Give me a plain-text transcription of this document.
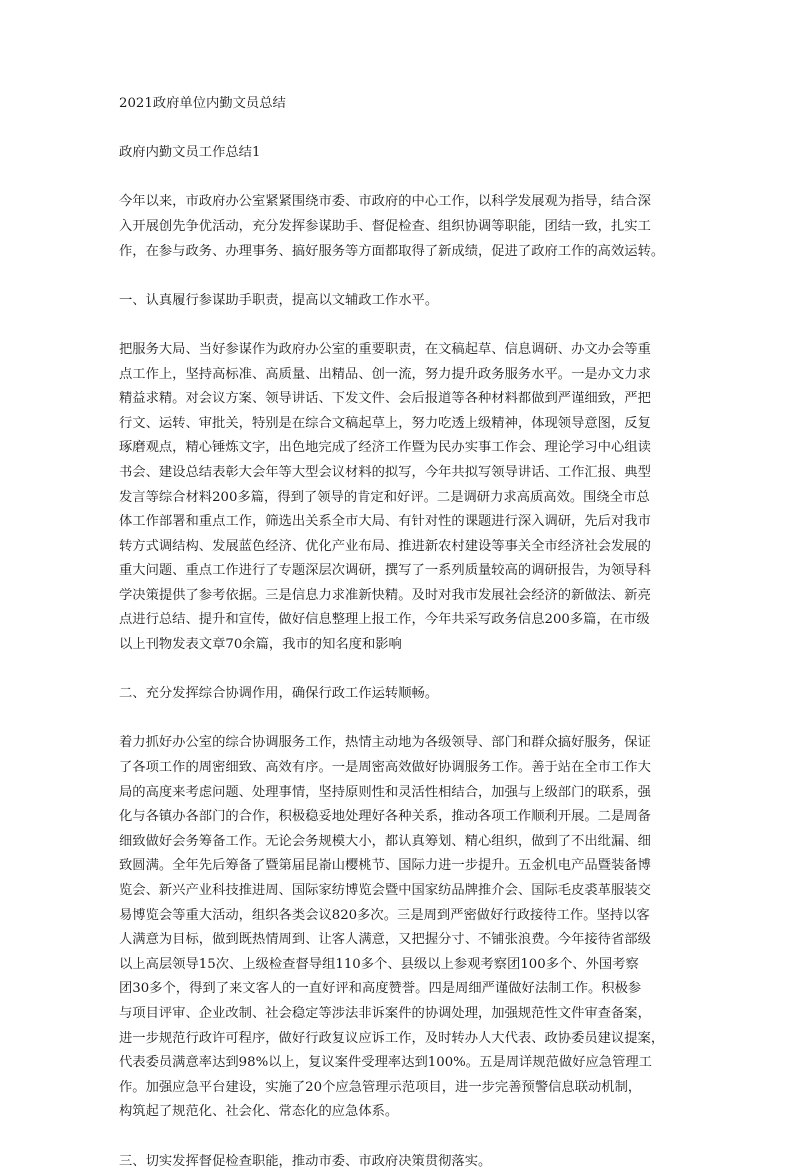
2021政府单位内勤文员总结
政府内勤文员工作总结1
今年以来，市政府办公室紧紧围绕市委、市政府的中心工作，以科学发展观为指导，结合深
入开展创先争优活动，充分发挥参谋助手、督促检查、组织协调等职能，团结一致，扎实工
作，在参与政务、办理事务、搞好服务等方面都取得了新成绩，促进了政府工作的高效运转。
一、认真履行参谋助手职责，提高以文辅政工作水平。
把服务大局、当好参谋作为政府办公室的重要职责，在文稿起草、信息调研、办文办会等重
点工作上，坚持高标准、高质量、出精品、创一流，努力提升政务服务水平。一是办文力求
精益求精。对会议方案、领导讲话、下发文件、会后报道等各种材料都做到严谨细致，严把
行文、运转、审批关，特别是在综合文稿起草上，努力吃透上级精神，体现领导意图，反复
琢磨观点，精心锤炼文字，出色地完成了经济工作暨为民办实事工作会、理论学习中心组读
书会、建设总结表彰大会年等大型会议材料的拟写，今年共拟写领导讲话、工作汇报、典型
发言等综合材料200多篇，得到了领导的肯定和好评。二是调研力求高质高效。围绕全市总
体工作部署和重点工作，筛选出关系全市大局、有针对性的课题进行深入调研，先后对我市
转方式调结构、发展蓝色经济、优化产业布局、推进新农村建设等事关全市经济社会发展的
重大问题、重点工作进行了专题深层次调研，撰写了一系列质量较高的调研报告，为领导科
学决策提供了参考依据。三是信息力求准新快精。及时对我市发展社会经济的新做法、新亮
点进行总结、提升和宣传，做好信息整理上报工作，今年共采写政务信息200多篇，在市级
以上刊物发表文章70余篇，我市的知名度和影响
二、充分发挥综合协调作用，确保行政工作运转顺畅。
着力抓好办公室的综合协调服务工作，热情主动地为各级领导、部门和群众搞好服务，保证
了各项工作的周密细致、高效有序。一是周密高效做好协调服务工作。善于站在全市工作大
局的高度来考虑问题、处理事情，坚持原则性和灵活性相结合，加强与上级部门的联系，强
化与各镇办各部门的合作，积极稳妥地处理好各种关系，推动各项工作顺利开展。二是周备
细致做好会务筹备工作。无论会务规模大小，都认真筹划、精心组织，做到了不出纰漏、细
致圆满。全年先后筹备了暨第届昆嵛山樱桃节、国际力进一步提升。五金机电产品暨装备博
览会、新兴产业科技推进周、国际家纺博览会暨中国家纺品牌推介会、国际毛皮裘革服装交
易博览会等重大活动，组织各类会议820多次。三是周到严密做好行政接待工作。坚持以客
人满意为目标，做到既热情周到、让客人满意，又把握分寸、不铺张浪费。今年接待省部级
以上高层领导15次、上级检查督导组110多个、县级以上参观考察团100多个、外国考察
团30多个，得到了来文客人的一直好评和高度赞誉。四是周细严谨做好法制工作。积极参
与项目评审、企业改制、社会稳定等涉法非诉案件的协调处理，加强规范性文件审查备案，
进一步规范行政许可程序，做好行政复议应诉工作，及时转办人大代表、政协委员建议提案，
代表委员满意率达到98%以上，复议案件受理率达到100%。五是周详规范做好应急管理工
作。加强应急平台建设，实施了20个应急管理示范项目，进一步完善预警信息联动机制，
构筑起了规范化、社会化、常态化的应急体系。
三、切实发挥督促检查职能，推动市委、市政府决策贯彻落实。
